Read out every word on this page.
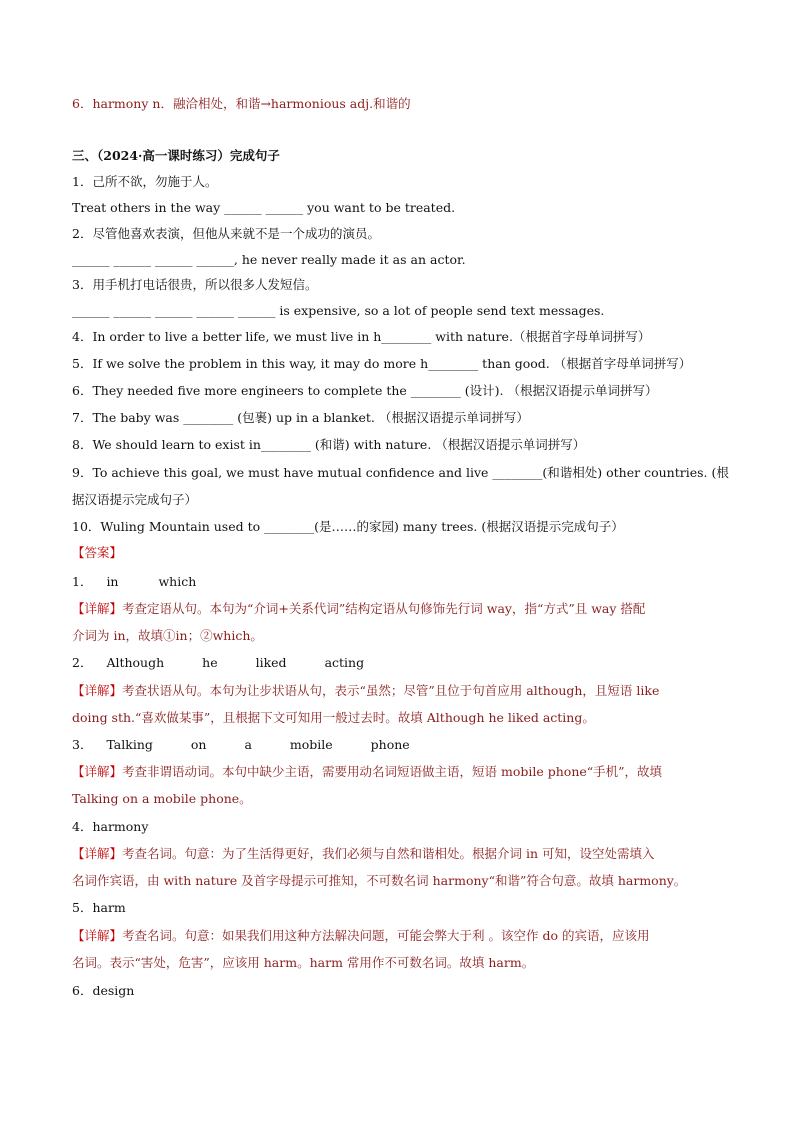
6．harmony n．融洽相处，和谐→harmonious adj.和谐的
三、（2024·高一课时练习）完成句子
1．己所不欲，勿施于人。
Treat others in the way ______ ______ you want to be treated.
2．尽管他喜欢表演，但他从来就不是一个成功的演员。
______ ______ ______ ______, he never really made it as an actor.
3．用手机打电话很贵，所以很多人发短信。
______ ______ ______ ______ ______ is expensive, so a lot of people send text messages.
4．In order to live a better life, we must live in h________ with nature.（根据首字母单词拼写）
5．If we solve the problem in this way, it may do more h________ than good. （根据首字母单词拼写）
6．They needed five more engineers to complete the ________ (设计). （根据汉语提示单词拼写）
7．The baby was ________ (包裹) up in a blanket. （根据汉语提示单词拼写）
8．We should learn to exist in________ (和谐) with nature. （根据汉语提示单词拼写）
9．To achieve this goal, we must have mutual confidence and live ________(和谐相处) other countries. (根
据汉语提示完成句子）
10．Wuling Mountain used to ________(是……的家园) many trees. (根据汉语提示完成句子）
【答案】
1． in	which
【详解】考查定语从句。本句为“介词+关系代词”结构定语从句修饰先行词 way，指“方式”且 way 搭配
介词为 in，故填①in；②which。
2． Although	he	liked	acting
【详解】考查状语从句。本句为让步状语从句，表示“虽然；尽管”且位于句首应用 although，且短语 like
doing sth.“喜欢做某事”，且根据下文可知用一般过去时。故填 Although he liked acting。
3． Talking	on	a	mobile	phone
【详解】考查非谓语动词。本句中缺少主语，需要用动名词短语做主语，短语 mobile phone“手机”，故填
Talking on a mobile phone。
4．harmony
【详解】考查名词。句意：为了生活得更好，我们必须与自然和谐相处。根据介词 in 可知，设空处需填入
名词作宾语，由 with nature 及首字母提示可推知，不可数名词 harmony“和谐”符合句意。故填 harmony。
5．harm
【详解】考查名词。句意：如果我们用这种方法解决问题，可能会弊大于利 。该空作 do 的宾语，应该用
名词。表示“害处，危害”，应该用 harm。harm 常用作不可数名词。故填 harm。
6．design
